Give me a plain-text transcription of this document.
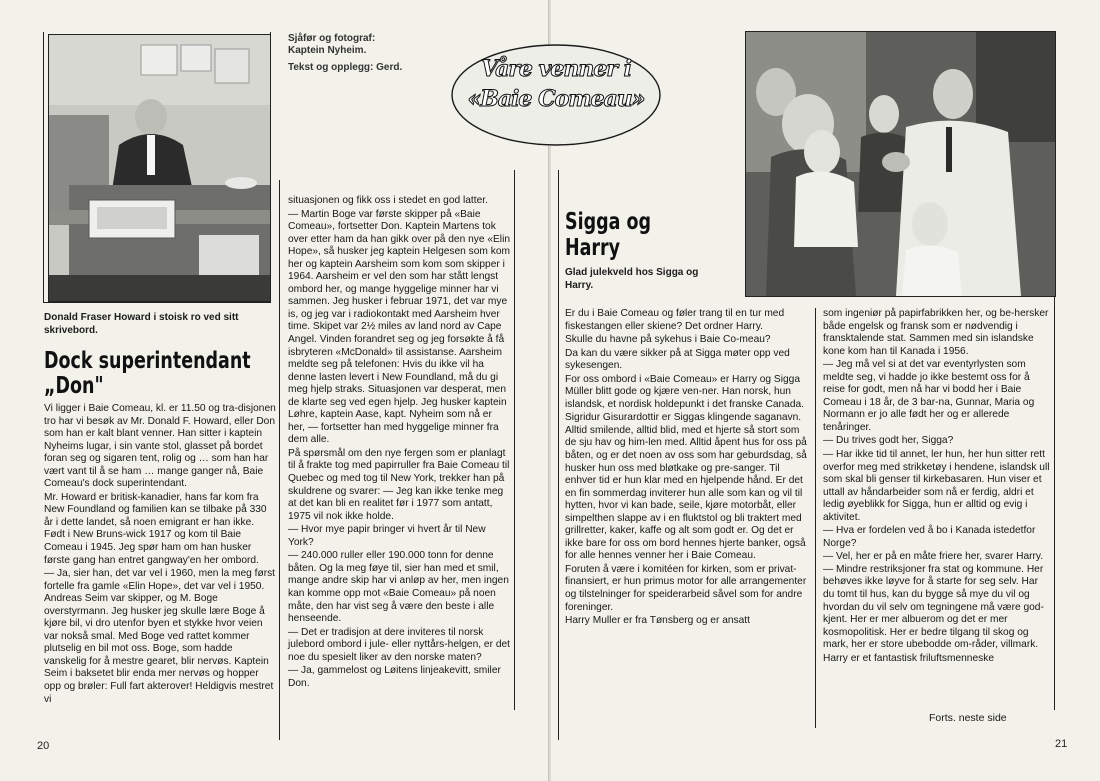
Donald Fraser Howard i stoisk ro ved sitt skrivebord.
Dock superintendant
„Don"

Vi ligger i Baie Comeau, kl. er 11.50 og tra-disjonen tro har vi besøk av Mr. Donald F. Howard, eller Don som han er kalt blant venner. Han sitter i kaptein Nyheims lugar, i sin vante stol, glasset på bordet foran seg og sigaren tent, rolig og … som han har vært vant til å se ham … mange ganger nå, Baie Comeau's dock superintendant.

Mr. Howard er britisk-kanadier, hans far kom fra New Foundland og familien kan se tilbake på 330 år i dette landet, så noen emigrant er han ikke. Født i New Bruns-wick 1917 og kom til Baie Comeau i 1945. Jeg spør ham om han husker første gang han entret gangway'en her ombord.

— Ja, sier han, det var vel i 1960, men la meg først fortelle fra gamle «Elin Hope», det var vel i 1950. Andreas Seim var skipper, og M. Boge overstyrmann. Jeg husker jeg skulle lære Boge å kjøre bil, vi dro utenfor byen et stykke hvor veien var nokså smal. Med Boge ved rattet kommer plutselig en bil mot oss. Boge, som hadde vanskelig for å mestre gearet, blir nervøs. Kaptein Seim i baksetet blir enda mer nervøs og hopper opp og brøler: Full fart akterover! Heldigvis mestret vi

Sjåfør og fotograf:
Kaptein Nyheim.
Tekst og opplegg: Gerd.

situasjonen og fikk oss i stedet en god latter.

— Martin Boge var første skipper på «Baie Comeau», fortsetter Don. Kaptein Martens tok over etter ham da han gikk over på den nye «Elin Hope», så husker jeg kaptein Helgesen som kom her og kaptein Aarsheim som kom som skipper i 1964. Aarsheim er vel den som har stått lengst ombord her, og mange hyggelige minner har vi sammen. Jeg husker i februar 1971, det var mye is, og jeg var i radiokontakt med Aarsheim hver time. Skipet var 2½ miles av land nord av Cape Angel. Vinden forandret seg og jeg forsøkte å få isbryteren «McDonald» til assistanse. Aarsheim meldte seg på telefonen: Hvis du ikke vil ha denne lasten levert i New Foundland, må du gi meg hjelp straks. Situasjonen var desperat, men de klarte seg ved egen hjelp. Jeg husker kaptein Løhre, kaptein Aase, kapt. Nyheim som nå er her, — fortsetter han med hyggelige minner fra dem alle.

På spørsmål om den nye fergen som er planlagt til å frakte tog med papirruller fra Baie Comeau til Quebec og med tog til New York, trekker han på skuldrene og svarer: — Jeg kan ikke tenke meg at det kan bli en realitet før i 1977 som antatt, 1975 vil nok ikke holde.

— Hvor mye papir bringer vi hvert år til New York?

— 240.000 ruller eller 190.000 tonn for denne båten. Og la meg føye til, sier han med et smil, mange andre skip har vi anløp av her, men ingen kan komme opp mot «Baie Comeau» på noen måte, den har vist seg å være den beste i alle henseende.

— Det er tradisjon at dere inviteres til norsk julebord ombord i jule- eller nyttårs-helgen, er det noe du spesielt liker av den norske maten?

— Ja, gammelost og Løitens linjeakevitt, smiler Don.

20
Våre venner i
«Baie Comeau»
Sigga og
Harry
Glad julekveld hos Sigga og Harry.

Er du i Baie Comeau og føler trang til en tur med fiskestangen eller skiene? Det ordner Harry.

Skulle du havne på sykehus i Baie Co-meau?

Da kan du være sikker på at Sigga møter opp ved sykesengen.

For oss ombord i «Baie Comeau» er Harry og Sigga Müller blitt gode og kjære ven-ner. Han norsk, hun islandsk, et nordisk holdepunkt i det franske Canada.

Sigridur Gisurardottir er Siggas klingende saganavn. Alltid smilende, alltid blid, med et hjerte så stort som de sju hav og him-len med. Alltid åpent hus for oss på båten, og er det noen av oss som har geburdsdag, så husker hun oss med bløtkake og pre-sanger. Til enhver tid er hun klar med en hjelpende hånd. Er det en fin sommerdag inviterer hun alle som kan og vil til hytten, hvor vi kan bade, seile, kjøre motorbåt, eller simpelthen slappe av i en fluktstol og bli traktert med grillretter, kaker, kaffe og alt som godt er. Og det er ikke bare for oss om bord hennes hjerte banker, også for alle hennes venner her i Baie Comeau.

Foruten å være i komitéen for kirken, som er privat-finansiert, er hun primus motor for alle arrangementer og tilstelninger for speiderarbeid såvel som for andre foreninger.

Harry Muller er fra Tønsberg og er ansatt

som ingeniør på papirfabrikken her, og be-hersker både engelsk og fransk som er nødvendig i fransktalende stat. Sammen med sin islandske kone kom han til Kanada i 1956.

— Jeg må vel si at det var eventyrlysten som meldte seg, vi hadde jo ikke bestemt oss for å reise for godt, men nå har vi bodd her i Baie Comeau i 18 år, de 3 bar-na, Gunnar, Maria og Normann er jo alle født her og er allerede tenåringer.

— Du trives godt her, Sigga?

— Har ikke tid til annet, ler hun, her hun sitter rett overfor meg med strikketøy i hendene, islandsk ull som skal bli genser til kirkebasaren. Hun viser et uttall av håndarbeider som nå er ferdig, aldri et ledig øyeblikk for Sigga, hun er alltid og evig i aktivitet.

— Hva er fordelen ved å bo i Kanada istedetfor Norge?

— Vel, her er på en måte friere her, svarer Harry. — Mindre restriksjoner fra stat og kommune. Her behøves ikke løyve for å starte for seg selv. Har du tomt til hus, kan du bygge så mye du vil og hvordan du vil selv om tegningene må være god-kjent. Her er mer albuerom og det er mer kosmopolitisk. Her er bedre tilgang til skog og mark, her er store ubebodde om-råder, villmark.

Harry er et fantastisk friluftsmenneske

Forts. neste side
21
